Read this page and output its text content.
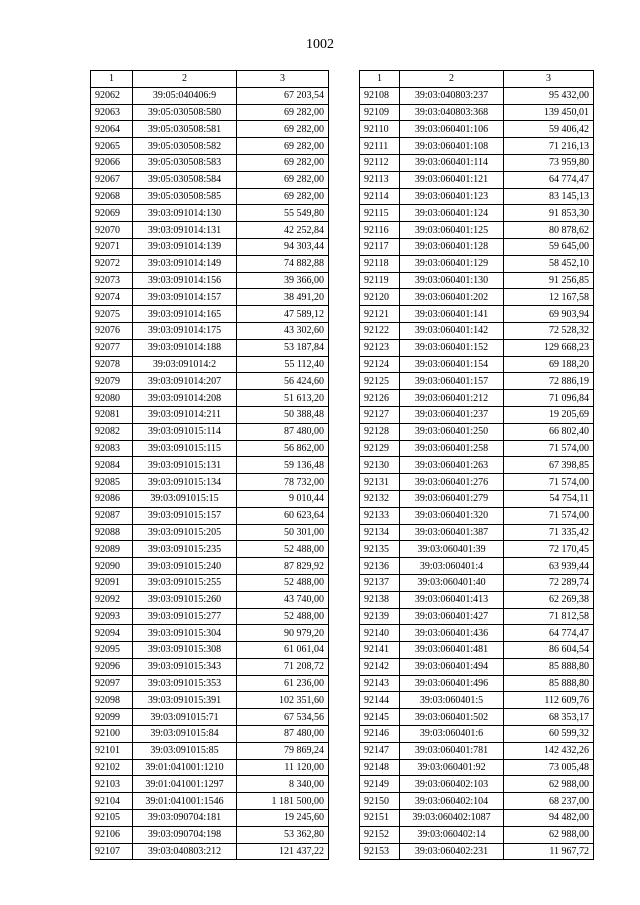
1002
1	2	3
92062	39:05:040406:9	67 203,54
92063	39:05:030508:580	69 282,00
92064	39:05:030508:581	69 282,00
92065	39:05:030508:582	69 282,00
92066	39:05:030508:583	69 282,00
92067	39:05:030508:584	69 282,00
92068	39:05:030508:585	69 282,00
92069	39:03:091014:130	55 549,80
92070	39:03:091014:131	42 252,84
92071	39:03:091014:139	94 303,44
92072	39:03:091014:149	74 882,88
92073	39:03:091014:156	39 366,00
92074	39:03:091014:157	38 491,20
92075	39:03:091014:165	47 589,12
92076	39:03:091014:175	43 302,60
92077	39:03:091014:188	53 187,84
92078	39:03:091014:2	55 112,40
92079	39:03:091014:207	56 424,60
92080	39:03:091014:208	51 613,20
92081	39:03:091014:211	50 388,48
92082	39:03:091015:114	87 480,00
92083	39:03:091015:115	56 862,00
92084	39:03:091015:131	59 136,48
92085	39:03:091015:134	78 732,00
92086	39:03:091015:15	9 010,44
92087	39:03:091015:157	60 623,64
92088	39:03:091015:205	50 301,00
92089	39:03:091015:235	52 488,00
92090	39:03:091015:240	87 829,92
92091	39:03:091015:255	52 488,00
92092	39:03:091015:260	43 740,00
92093	39:03:091015:277	52 488,00
92094	39:03:091015:304	90 979,20
92095	39:03:091015:308	61 061,04
92096	39:03:091015:343	71 208,72
92097	39:03:091015:353	61 236,00
92098	39:03:091015:391	102 351,60
92099	39:03:091015:71	67 534,56
92100	39:03:091015:84	87 480,00
92101	39:03:091015:85	79 869,24
92102	39:01:041001:1210	11 120,00
92103	39:01:041001:1297	8 340,00
92104	39:01:041001:1546	1 181 500,00
92105	39:03:090704:181	19 245,60
92106	39:03:090704:198	53 362,80
92107	39:03:040803:212	121 437,22
1	2	3
92108	39:03:040803:237	95 432,00
92109	39:03:040803:368	139 450,01
92110	39:03:060401:106	59 406,42
92111	39:03:060401:108	71 216,13
92112	39:03:060401:114	73 959,80
92113	39:03:060401:121	64 774,47
92114	39:03:060401:123	83 145,13
92115	39:03:060401:124	91 853,30
92116	39:03:060401:125	80 878,62
92117	39:03:060401:128	59 645,00
92118	39:03:060401:129	58 452,10
92119	39:03:060401:130	91 256,85
92120	39:03:060401:202	12 167,58
92121	39:03:060401:141	69 903,94
92122	39:03:060401:142	72 528,32
92123	39:03:060401:152	129 668,23
92124	39:03:060401:154	69 188,20
92125	39:03:060401:157	72 886,19
92126	39:03:060401:212	71 096,84
92127	39:03:060401:237	19 205,69
92128	39:03:060401:250	66 802,40
92129	39:03:060401:258	71 574,00
92130	39:03:060401:263	67 398,85
92131	39:03:060401:276	71 574,00
92132	39:03:060401:279	54 754,11
92133	39:03:060401:320	71 574,00
92134	39:03:060401:387	71 335,42
92135	39:03:060401:39	72 170,45
92136	39:03:060401:4	63 939,44
92137	39:03:060401:40	72 289,74
92138	39:03:060401:413	62 269,38
92139	39:03:060401:427	71 812,58
92140	39:03:060401:436	64 774,47
92141	39:03:060401:481	86 604,54
92142	39:03:060401:494	85 888,80
92143	39:03:060401:496	85 888,80
92144	39:03:060401:5	112 609,76
92145	39:03:060401:502	68 353,17
92146	39:03:060401:6	60 599,32
92147	39:03:060401:781	142 432,26
92148	39:03:060401:92	73 005,48
92149	39:03:060402:103	62 988,00
92150	39:03:060402:104	68 237,00
92151	39:03:060402:1087	94 482,00
92152	39:03:060402:14	62 988,00
92153	39:03:060402:231	11 967,72
